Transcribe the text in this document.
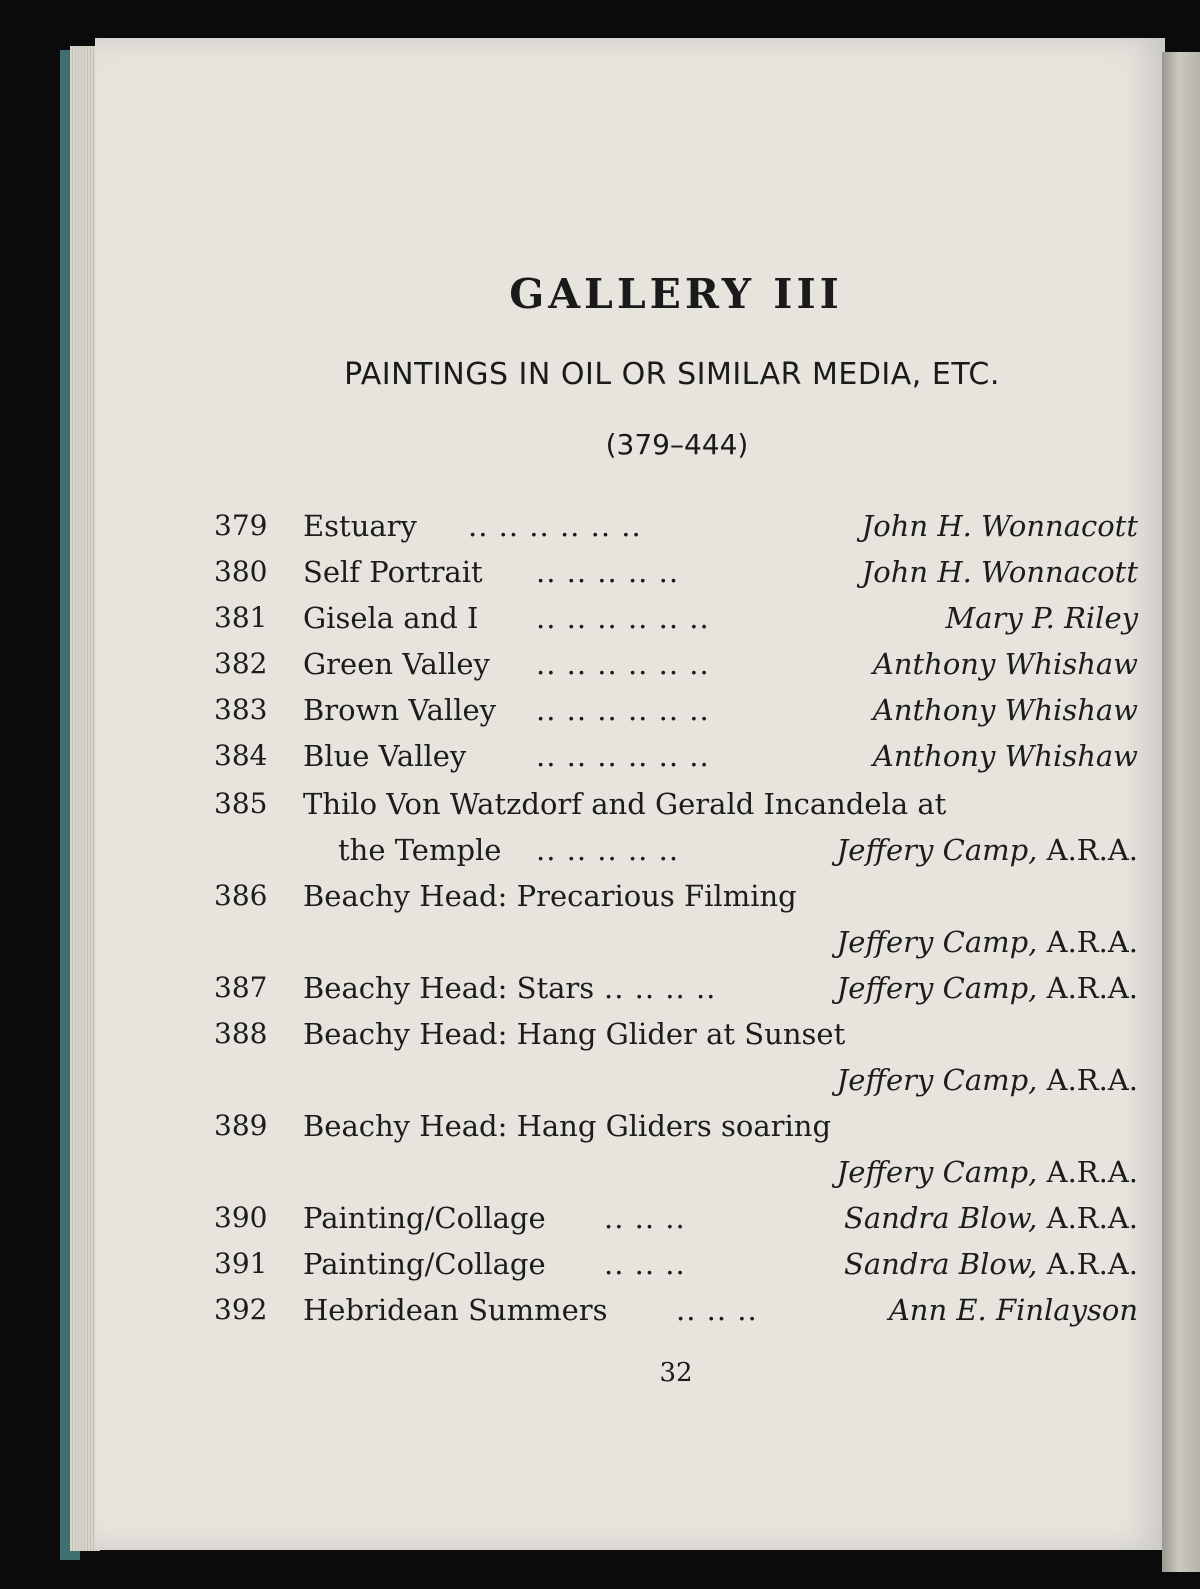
GALLERY III
PAINTINGS IN OIL OR SIMILAR MEDIA, ETC.
(379–444)
379 Estuary .. .. .. .. .. ..	John H. Wonnacott
380 Self Portrait .. .. .. .. ..	John H. Wonnacott
381 Gisela and I .. .. .. .. .. ..	Mary P. Riley
382 Green Valley .. .. .. .. .. ..	Anthony Whishaw
383 Brown Valley .. .. .. .. .. ..	Anthony Whishaw
384 Blue Valley .. .. .. .. .. ..	Anthony Whishaw
385 Thilo Von Watzdorf and Gerald Incandela at
the Temple .. .. .. .. ..	Jeffery Camp, A.R.A.
386 Beachy Head: Precarious Filming
Jeffery Camp, A.R.A.
387 Beachy Head: Stars .. .. .. ..	Jeffery Camp, A.R.A.
388 Beachy Head: Hang Glider at Sunset
Jeffery Camp, A.R.A.
389 Beachy Head: Hang Gliders soaring
Jeffery Camp, A.R.A.
390 Painting/Collage .. .. ..	Sandra Blow, A.R.A.
391 Painting/Collage .. .. ..	Sandra Blow, A.R.A.
392 Hebridean Summers .. .. ..	Ann E. Finlayson
32
